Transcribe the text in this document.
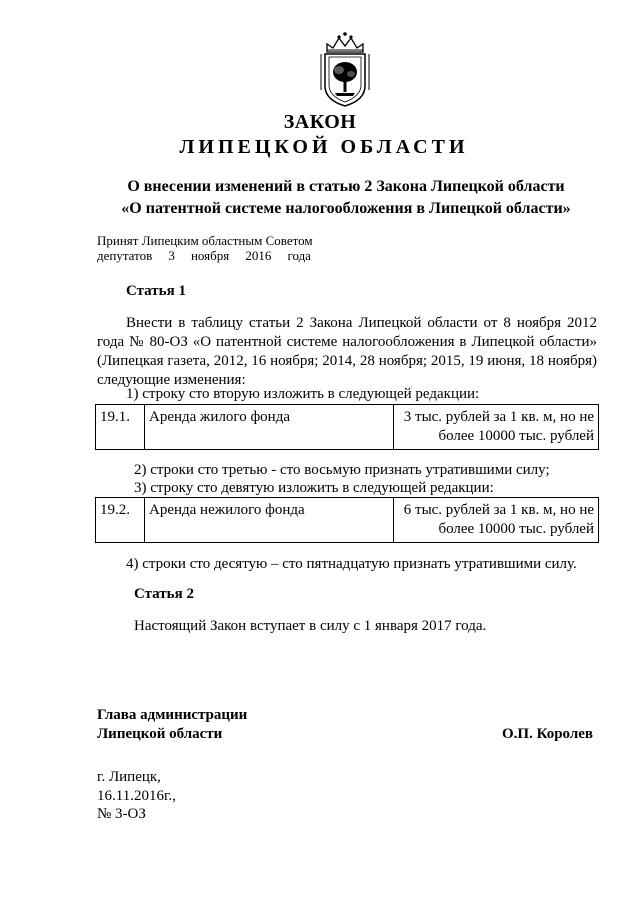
ЗАКОН
ЛИПЕЦКОЙ ОБЛАСТИ
О внесении изменений в статью 2 Закона Липецкой области
«О патентной системе налогообложения в Липецкой области»
Принят Липецким областным Советом
депутатов 3 ноября 2016 года
Статья 1
Внести в таблицу статьи 2 Закона Липецкой области от 8 ноября 2012 года № 80-ОЗ «О патентной системе налогообложения в Липецкой области» (Липецкая газета, 2012, 16 ноября; 2014, 28 ноября; 2015, 19 июня, 18 ноября) следующие изменения:
1) строку сто вторую изложить в следующей редакции:
19.1.	Аренда жилого фонда	3 тыс. рублей за 1 кв. м, но не
более 10000 тыс. рублей
2) строки сто третью - сто восьмую признать утратившими силу;
3) строку сто девятую изложить в следующей редакции:
19.2.	Аренда нежилого фонда	6 тыс. рублей за 1 кв. м, но не
более 10000 тыс. рублей
4) строки сто десятую – сто пятнадцатую признать утратившими силу.
Статья 2
Настоящий Закон вступает в силу с 1 января 2017 года.
Глава администрации
Липецкой области	О.П. Королев
г. Липецк,
16.11.2016г.,
№ 3-ОЗ
